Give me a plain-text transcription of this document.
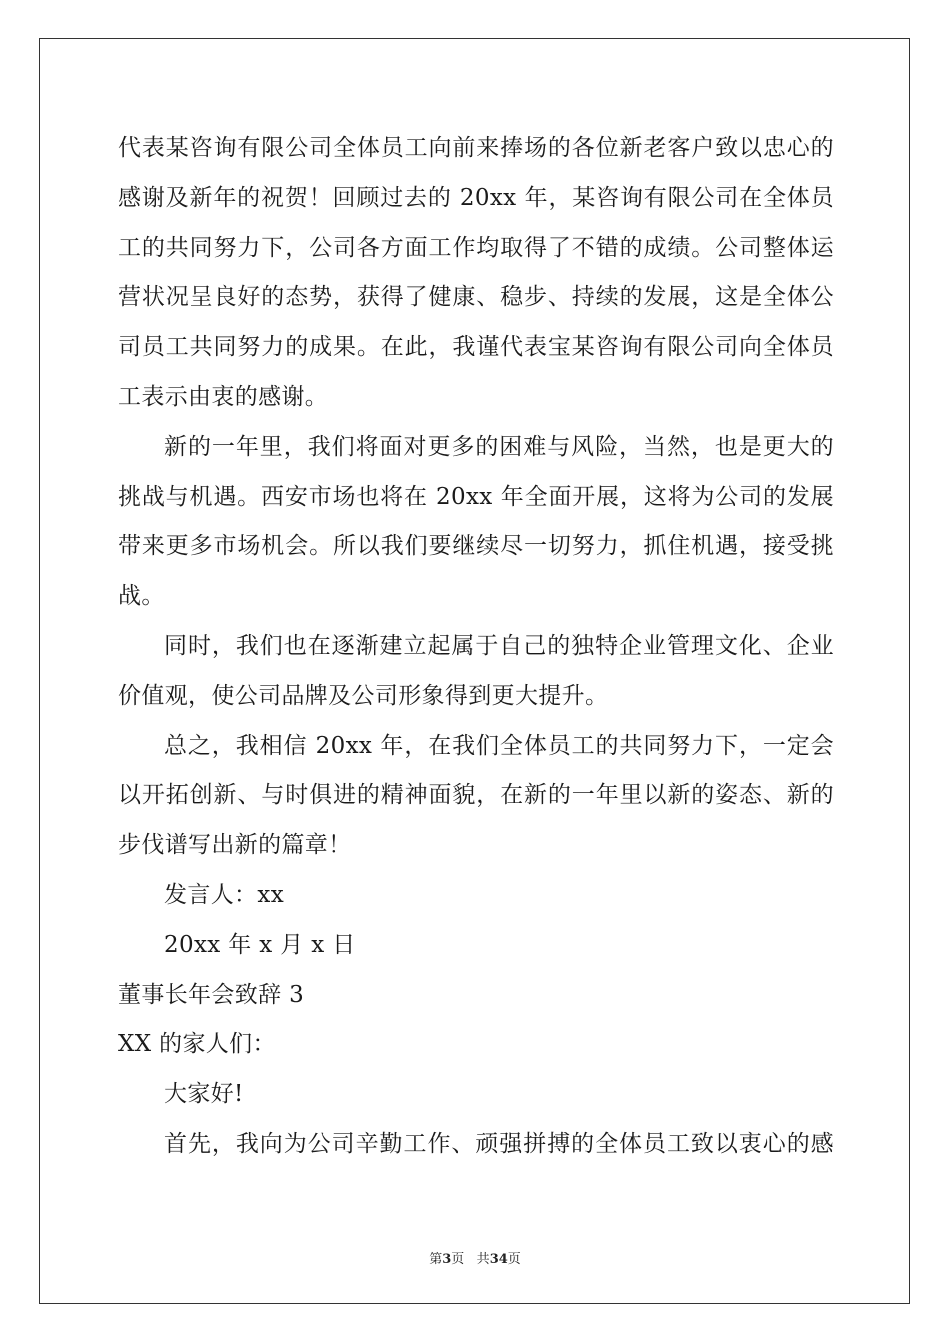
代表某咨询有限公司全体员工向前来捧场的各位新老客户致以忠心的
感谢及新年的祝贺！回顾过去的 20xx 年，某咨询有限公司在全体员
工的共同努力下，公司各方面工作均取得了不错的成绩。公司整体运
营状况呈良好的态势，获得了健康、稳步、持续的发展，这是全体公
司员工共同努力的成果。在此，我谨代表宝某咨询有限公司向全体员
工表示由衷的感谢。
新的一年里，我们将面对更多的困难与风险，当然，也是更大的
挑战与机遇。西安市场也将在 20xx 年全面开展，这将为公司的发展
带来更多市场机会。所以我们要继续尽一切努力，抓住机遇，接受挑
战。
同时，我们也在逐渐建立起属于自己的独特企业管理文化、企业
价值观，使公司品牌及公司形象得到更大提升。
总之，我相信 20xx 年，在我们全体员工的共同努力下，一定会
以开拓创新、与时俱进的精神面貌，在新的一年里以新的姿态、新的
步伐谱写出新的篇章！
发言人：xx
20xx 年 x 月 x 日
董事长年会致辞 3
XX 的家人们：
大家好!
首先，我向为公司辛勤工作、顽强拼搏的全体员工致以衷心的感
第3页 共34页
